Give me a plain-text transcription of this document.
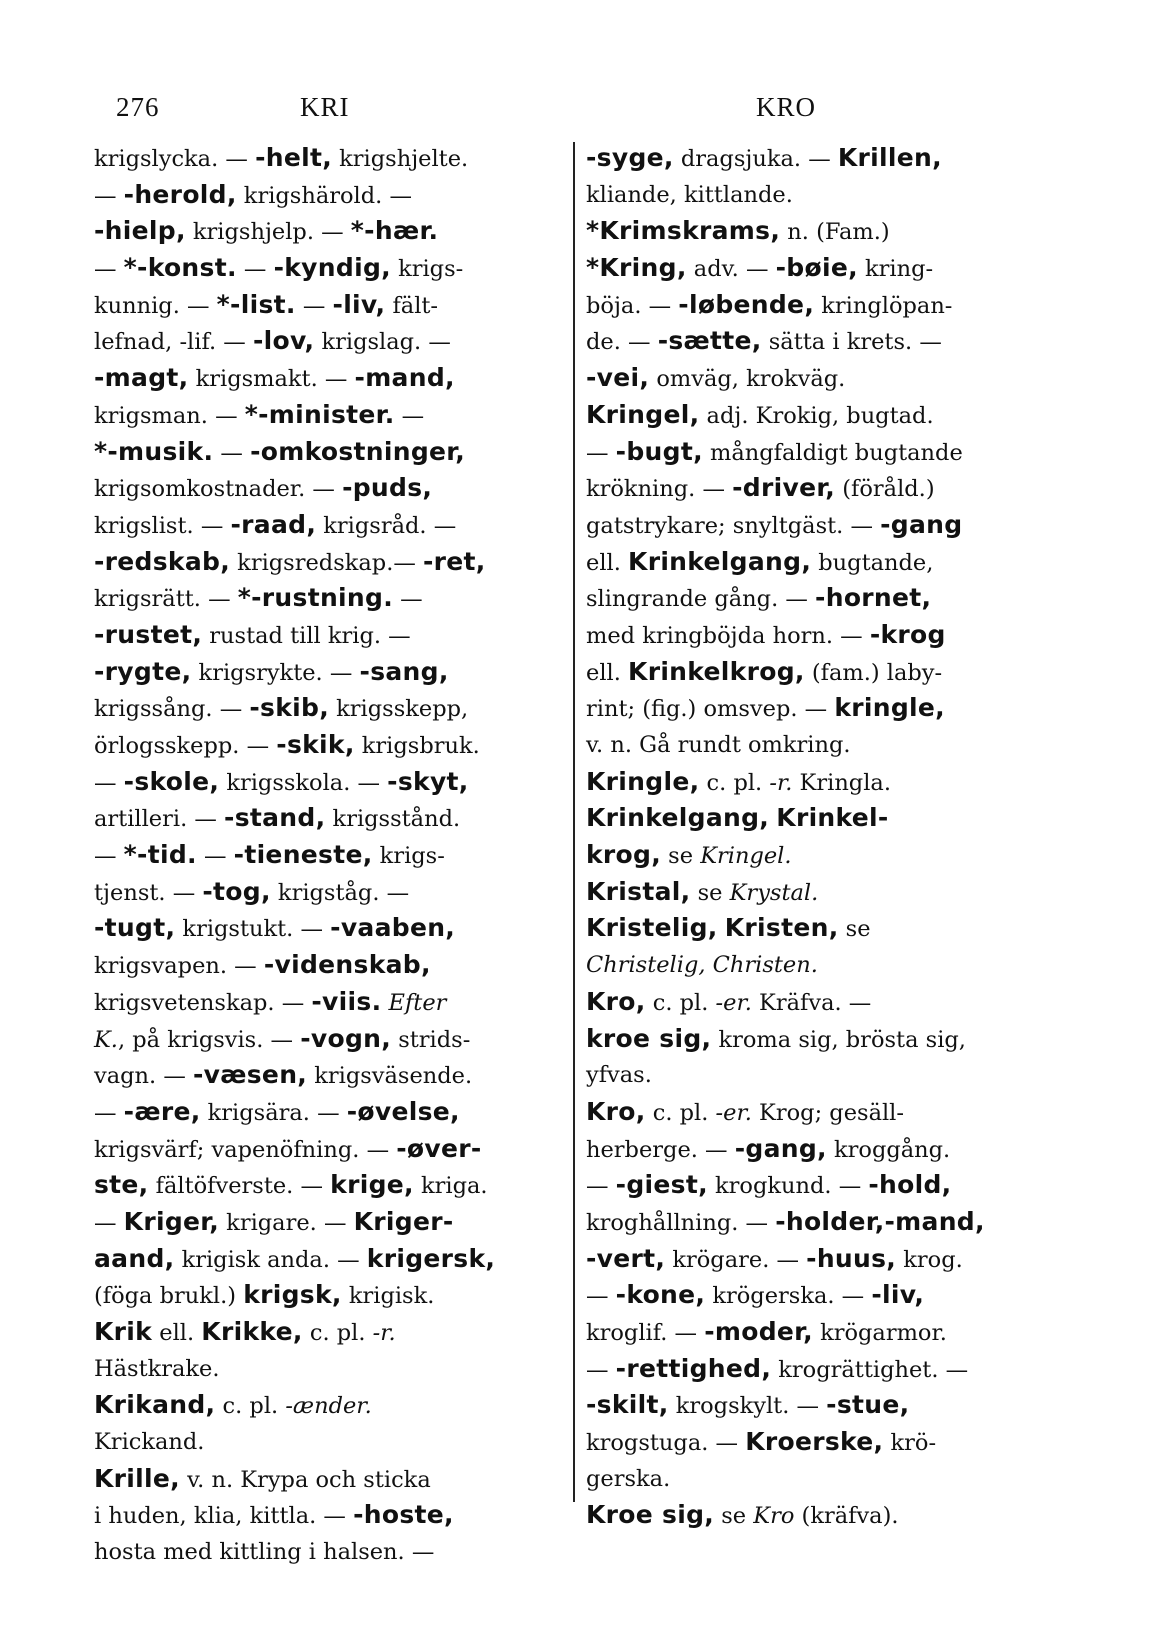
276	KRI	KRO
krigslycka. — -helt, krigshjelte.
— -herold, krigshärold. —
-hielp, krigshjelp. — *-hær.
— *-konst. — -kyndig, krigs-
kunnig. — *-list. — -liv, fält-
lefnad, -lif. — -lov, krigslag. —
-magt, krigsmakt. — -mand,
krigsman. — *-minister. —
*-musik. — -omkostninger,
krigsomkostnader. — -puds,
krigslist. — -raad, krigsråd. —
-redskab, krigsredskap.— -ret,
krigsrätt. — *-rustning. —
-rustet, rustad till krig. —
-rygte, krigsrykte. — -sang,
krigssång. — -skib, krigsskepp,
örlogsskepp. — -skik, krigsbruk.
— -skole, krigsskola. — -skyt,
artilleri. — -stand, krigsstånd.
— *-tid. — -tieneste, krigs-
tjenst. — -tog, krigståg. —
-tugt, krigstukt. — -vaaben,
krigsvapen. — -videnskab,
krigsvetenskap. — -viis. Efter
K., på krigsvis. — -vogn, strids-
vagn. — -væsen, krigsväsende.
— -ære, krigsära. — -øvelse,
krigsvärf; vapenöfning. — -øver-
ste, fältöfverste. — krige, kriga.
— Kriger, krigare. — Kriger-
aand, krigisk anda. — krigersk,
(föga brukl.) krigsk, krigisk.
Krik ell. Krikke, c. pl. -r.
Hästkrake.
Krikand, c. pl. -ænder.
Krickand.
Krille, v. n. Krypa och sticka
i huden, klia, kittla. — -hoste,
hosta med kittling i halsen. —
-syge, dragsjuka. — Krillen,
kliande, kittlande.
*Krimskrams, n. (Fam.)
*Kring, adv. — -bøie, kring-
böja. — -løbende, kringlöpan-
de. — -sætte, sätta i krets. —
-vei, omväg, krokväg.
Kringel, adj. Krokig, bugtad.
— -bugt, mångfaldigt bugtande
krökning. — -driver, (föråld.)
gatstrykare; snyltgäst. — -gang
ell. Krinkelgang, bugtande,
slingrande gång. — -hornet,
med kringböjda horn. — -krog
ell. Krinkelkrog, (fam.) laby-
rint; (fig.) omsvep. — kringle,
v. n. Gå rundt omkring.
Kringle, c. pl. -r. Kringla.
Krinkelgang, Krinkel-
krog, se Kringel.
Kristal, se Krystal.
Kristelig, Kristen, se
Christelig, Christen.
Kro, c. pl. -er. Kräfva. —
kroe sig, kroma sig, brösta sig,
yfvas.
Kro, c. pl. -er. Krog; gesäll-
herberge. — -gang, kroggång.
— -giest, krogkund. — -hold,
kroghållning. — -holder,-mand,
-vert, krögare. — -huus, krog.
— -kone, krögerska. — -liv,
kroglif. — -moder, krögarmor.
— -rettighed, krogrättighet. —
-skilt, krogskylt. — -stue,
krogstuga. — Kroerske, krö-
gerska.
Kroe sig, se Kro (kräfva).
